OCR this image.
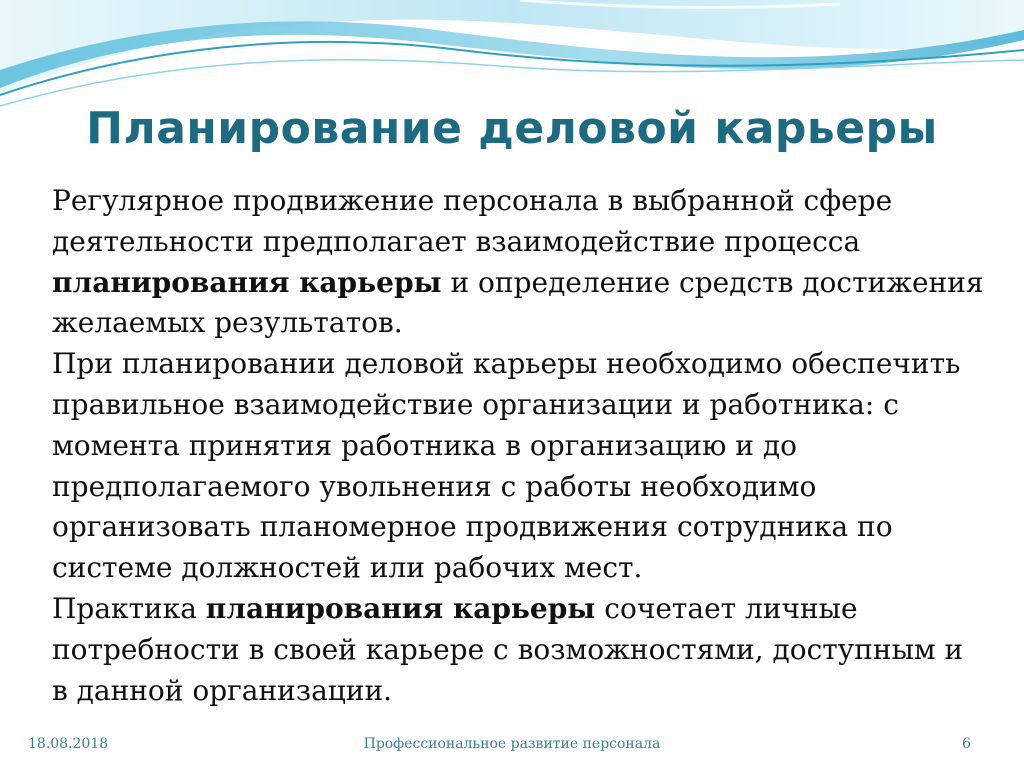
Планирование деловой карьеры

Регулярное продвижение персонала в выбранной сфере деятельности предполагает взаимодействие процесса планирования карьеры и определение средств достижения желаемых результатов.

При планировании деловой карьеры необходимо обеспечить правильное взаимодействие организации и работника: с момента принятия работника в организацию и до предполагаемого увольнения с работы необходимо организовать планомерное продвижения сотрудника по системе должностей или рабочих мест.

Практика планирования карьеры сочетает личные потребности в своей карьере с возможностями, доступным и в данной организации.

18.08.2018	Профессиональное развитие персонала	6
